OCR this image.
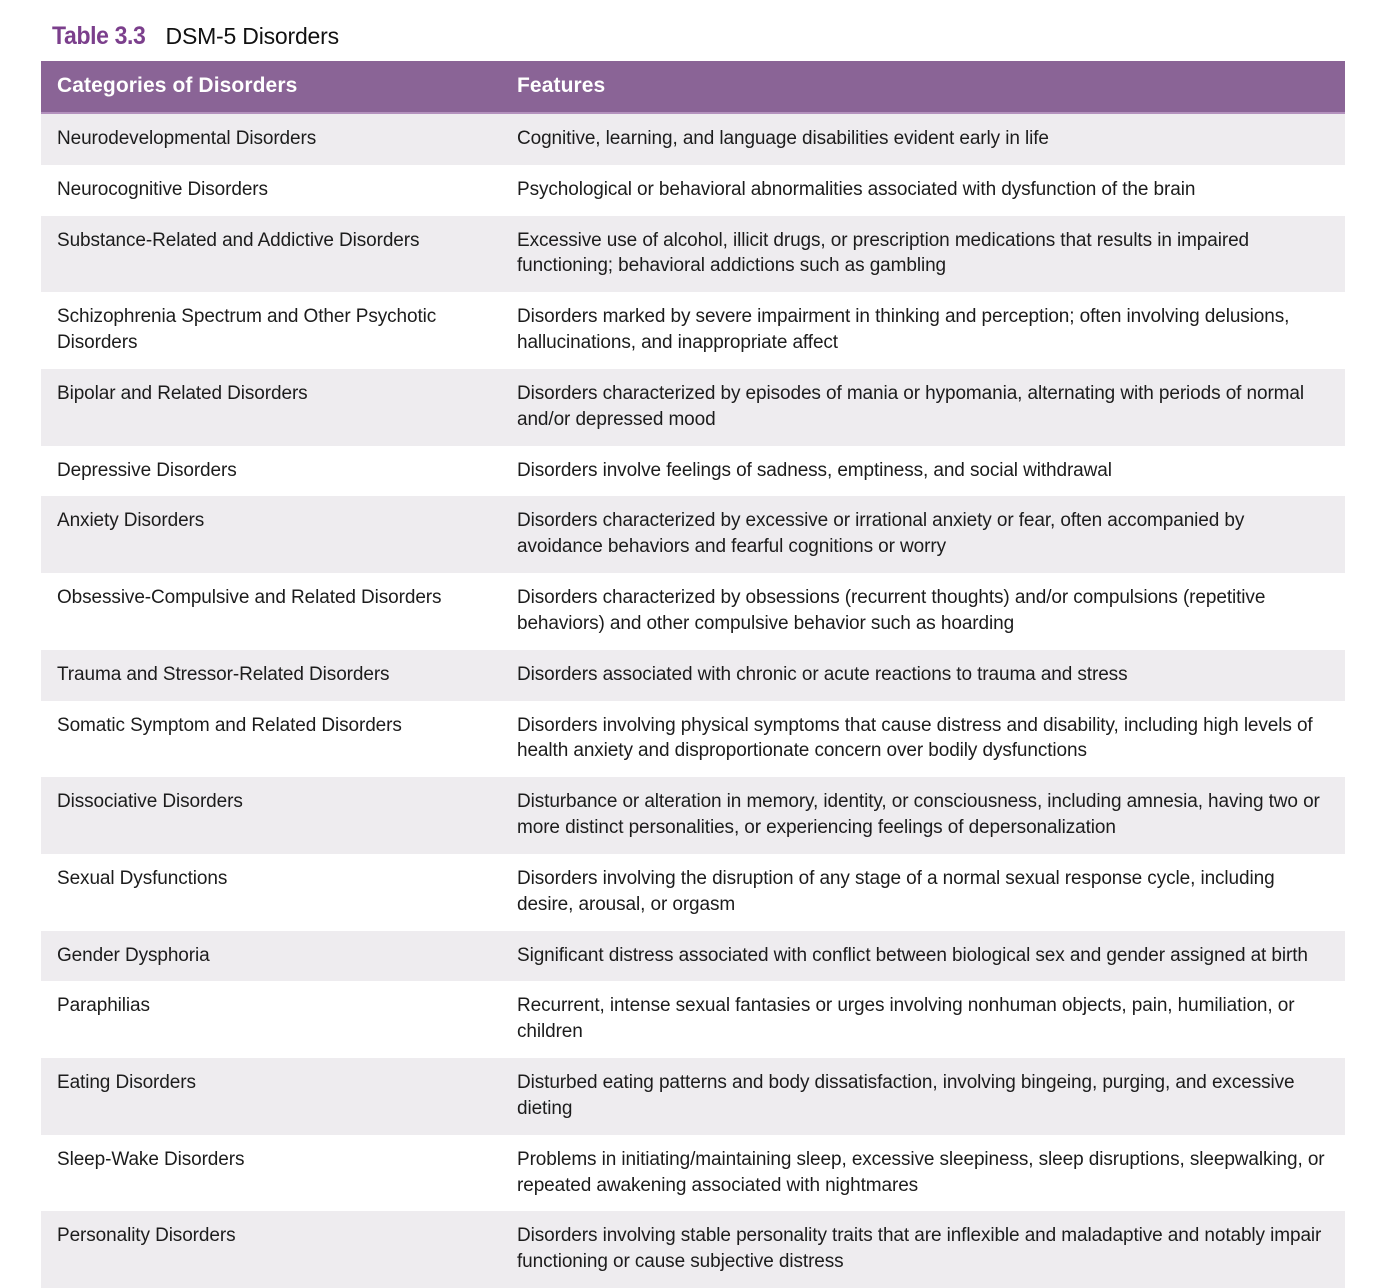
Table 3.3 DSM-5 Disorders
Categories of Disorders	Features
Neurodevelopmental Disorders	Cognitive, learning, and language disabilities evident early in life
Neurocognitive Disorders	Psychological or behavioral abnormalities associated with dysfunction of the brain
Substance-Related and Addictive Disorders	Excessive use of alcohol, illicit drugs, or prescription medications that results in impaired functioning; behavioral addictions such as gambling
Schizophrenia Spectrum and Other Psychotic Disorders	Disorders marked by severe impairment in thinking and perception; often involving delusions, hallucinations, and inappropriate affect
Bipolar and Related Disorders	Disorders characterized by episodes of mania or hypomania, alternating with periods of normal and/or depressed mood
Depressive Disorders	Disorders involve feelings of sadness, emptiness, and social withdrawal
Anxiety Disorders	Disorders characterized by excessive or irrational anxiety or fear, often accompanied by avoidance behaviors and fearful cognitions or worry
Obsessive-Compulsive and Related Disorders	Disorders characterized by obsessions (recurrent thoughts) and/or compulsions (repetitive behaviors) and other compulsive behavior such as hoarding
Trauma and Stressor-Related Disorders	Disorders associated with chronic or acute reactions to trauma and stress
Somatic Symptom and Related Disorders	Disorders involving physical symptoms that cause distress and disability, including high levels of health anxiety and disproportionate concern over bodily dysfunctions
Dissociative Disorders	Disturbance or alteration in memory, identity, or consciousness, including amnesia, having two or more distinct personalities, or experiencing feelings of depersonalization
Sexual Dysfunctions	Disorders involving the disruption of any stage of a normal sexual response cycle, including desire, arousal, or orgasm
Gender Dysphoria	Significant distress associated with conflict between biological sex and gender assigned at birth
Paraphilias	Recurrent, intense sexual fantasies or urges involving nonhuman objects, pain, humiliation, or children
Eating Disorders	Disturbed eating patterns and body dissatisfaction, involving bingeing, purging, and excessive dieting
Sleep-Wake Disorders	Problems in initiating/maintaining sleep, excessive sleepiness, sleep disruptions, sleepwalking, or repeated awakening associated with nightmares
Personality Disorders	Disorders involving stable personality traits that are inflexible and maladaptive and notably impair functioning or cause subjective distress
